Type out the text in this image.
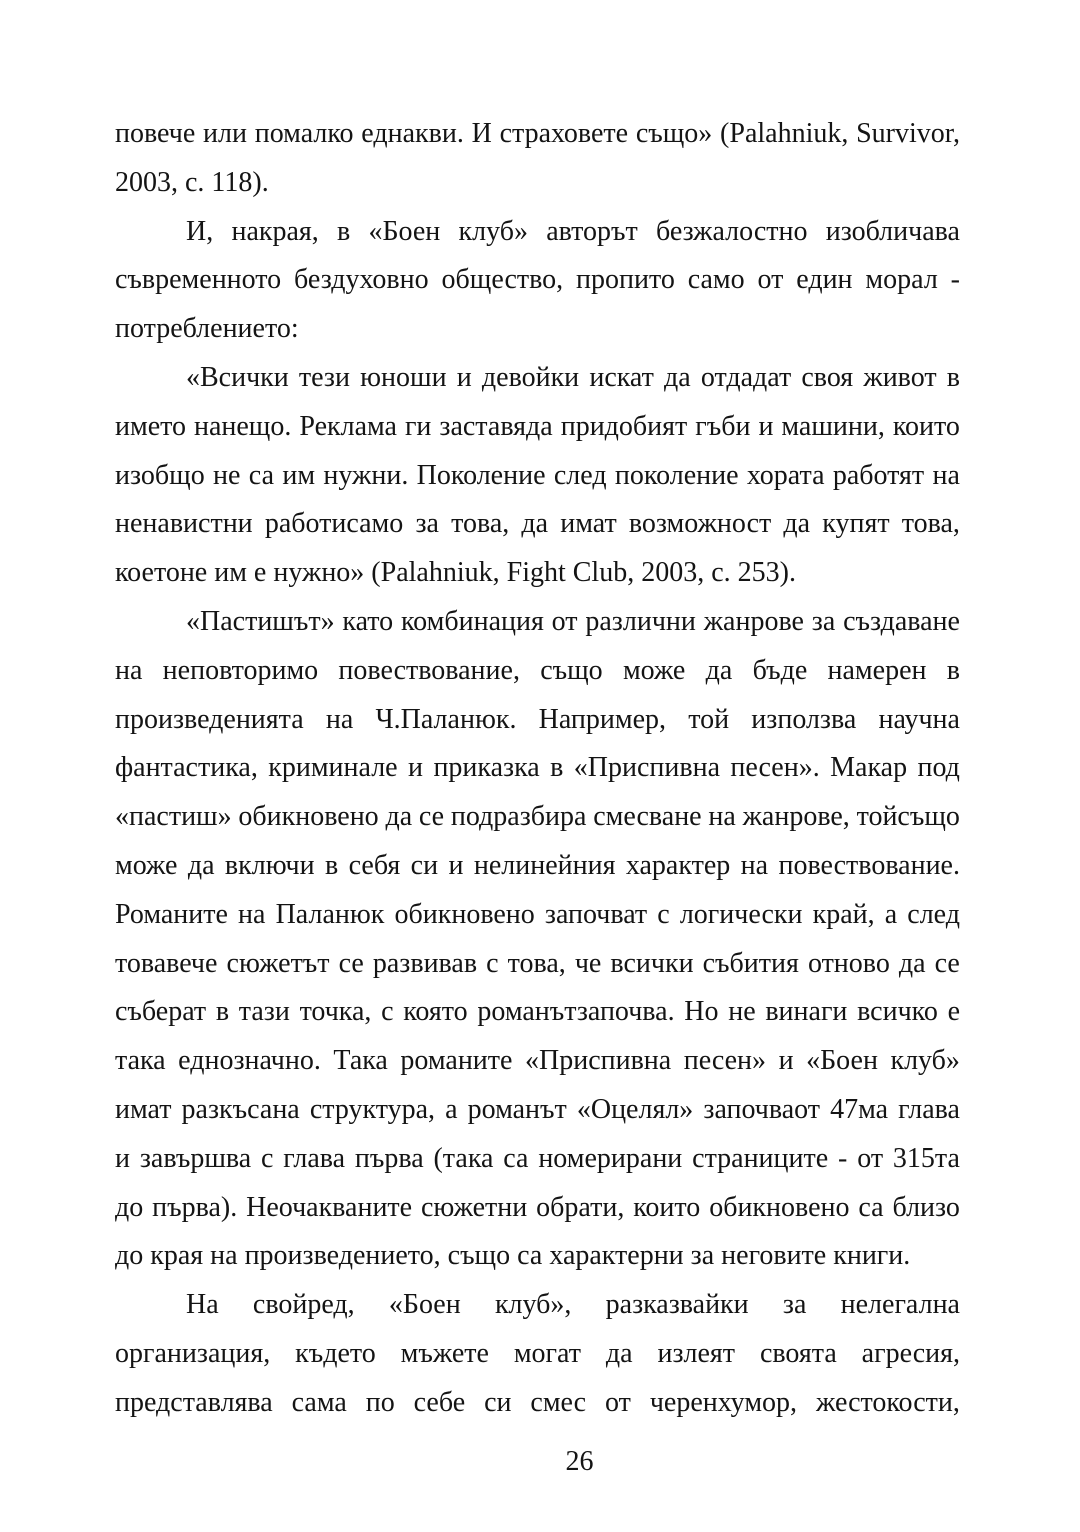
повече или помалко еднакви. И страховете също» (Palahniuk, Survivor,
2003, с. 118).
И, накрая, в «Боен клуб» авторът безжалостно изобличава
съвременното бездуховно общество, пропито само от един морал -
потреблението:
«Всички тези юноши и девойки искат да отдадат своя живот в
името нанещо. Реклама ги заставяда придобият гъби и машини, които
изобщо не са им нужни. Поколение след поколение хората работят на
ненавистни работисамо за това, да имат возможност да купят това,
коетоне им е нужно» (Palahniuk, Fight Club, 2003, с. 253).
«Пастишът» като комбинация от различни жанрове за създаване
на неповторимо повествование, също може да бъде намерен в
произведенията на Ч.Паланюк. Например, той използва научна
фантастика, криминале и приказка в «Приспивна песен». Макар под
«пастиш» обикновено да се подразбира смесване на жанрове, тойсъщо
може да включи в себя си и нелинейния характер на повествование.
Романите на Паланюк обикновено започват с логически край, а след
товавече сюжетът се развивав с това, че всички събития отново да се
съберат в тази точка, с която романътзапочва. Но не винаги всичко е
така еднозначно. Така романите «Приспивна песен» и «Боен клуб»
имат разкъсана структура, а романът «Оцелял» започваот 47ма глава
и завършва с глава първа (така са номерирани страниците - от 315та
до първа). Неочакваните сюжетни обрати, които обикновено са близо
до края на произведението, също са характерни за неговите книги.
На свойред, «Боен клуб», разказвайки за нелегална
организация, където мъжете могат да излеят своята агресия,
представлява сама по себе си смес от черенхумор, жестокости,
26
